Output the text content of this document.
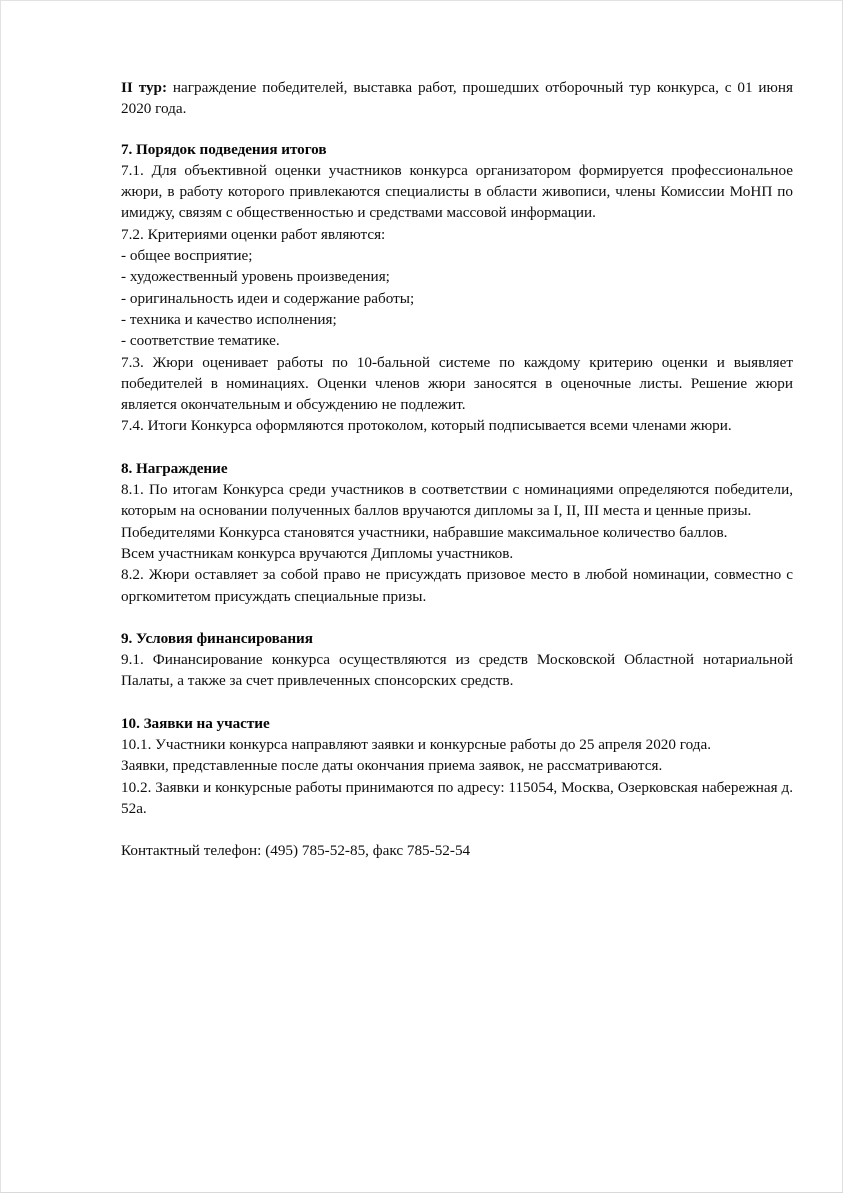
II тур: награждение победителей, выставка работ, прошедших отборочный тур конкурса, с 01 июня 2020 года.

7. Порядок подведения итогов

7.1. Для объективной оценки участников конкурса организатором формируется профессиональное жюри, в работу которого привлекаются специалисты в области живописи, члены Комиссии МоНП по имиджу, связям с общественностью и средствами массовой информации.

7.2. Критериями оценки работ являются:

- общее восприятие;

- художественный уровень произведения;

- оригинальность идеи и содержание работы;

- техника и качество исполнения;

- соответствие тематике.

7.3. Жюри оценивает работы по 10-бальной системе по каждому критерию оценки и выявляет победителей в номинациях. Оценки членов жюри заносятся в оценочные листы. Решение жюри является окончательным и обсуждению не подлежит.

7.4. Итоги Конкурса оформляются протоколом, который подписывается всеми членами жюри.

8. Награждение

8.1. По итогам Конкурса среди участников в соответствии с номинациями определяются победители, которым на основании полученных баллов вручаются дипломы за I, II, III места и ценные призы.

Победителями Конкурса становятся участники, набравшие максимальное количество баллов.

Всем участникам конкурса вручаются Дипломы участников.

8.2. Жюри оставляет за собой право не присуждать призовое место в любой номинации, совместно с оргкомитетом присуждать специальные призы.

9. Условия финансирования

9.1. Финансирование конкурса осуществляются из средств Московской Областной нотариальной Палаты, а также за счет привлеченных спонсорских средств.

10. Заявки на участие

10.1. Участники конкурса направляют заявки и конкурсные работы до 25 апреля 2020 года.

Заявки, представленные после даты окончания приема заявок, не рассматриваются.

10.2. Заявки и конкурсные работы принимаются по адресу: 115054, Москва, Озерковская набережная д. 52а.

Контактный телефон: (495) 785-52-85, факс 785-52-54
